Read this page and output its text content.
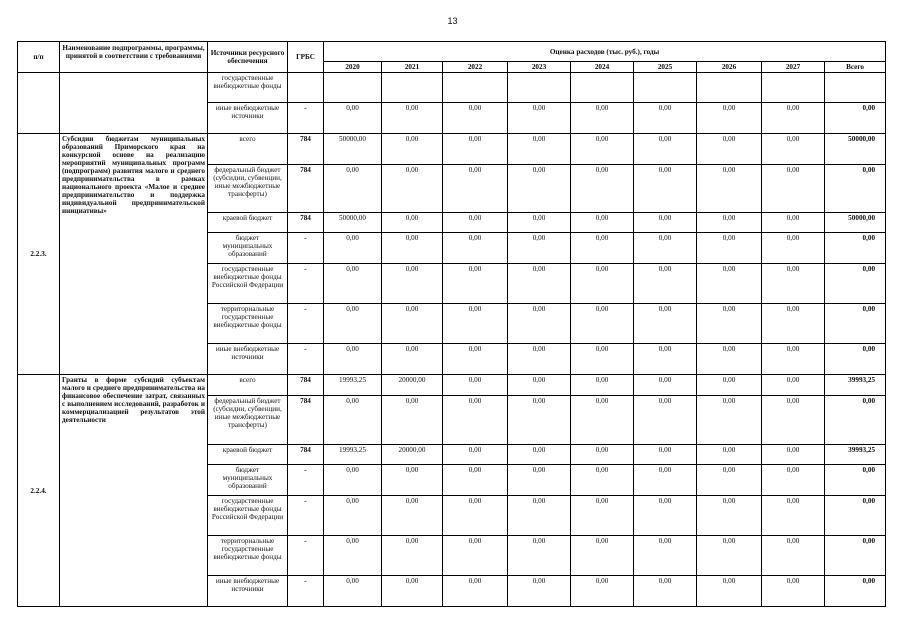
13
п/п	Наименование подпрограммы, программы, принятой в соответствии с требованиями	Источники ресурсного обеспечения	ГРБС	Оценка расходов (тыс. руб.), годы								
				2020	2021	2022	2023	2024	2025	2026	2027	Всего
		государственные внебюджетные фонды										
		иные внебюджетные источники	-	0,00	0,00	0,00	0,00	0,00	0,00	0,00	0,00	0,00
2.2.3.	Субсидии бюджетам муниципальных образований Приморского края на конкурсной основе на реализацию мероприятий муниципальных программ (подпрограмм) развития малого и среднего предпринимательства в рамках национального проекта «Малое и среднее предпринимательство и поддержка индивидуальной предпринимательской инициативы»	всего	784	50000,00	0,00	0,00	0,00	0,00	0,00	0,00	0,00	50000,00
		федеральный бюджет (субсидии, субвенции, иные межбюджетные трансферты)	784	0,00	0,00	0,00	0,00	0,00	0,00	0,00	0,00	0,00
		краевой бюджет	784	50000,00	0,00	0,00	0,00	0,00	0,00	0,00	0,00	50000,00
		бюджет муниципальных образований	-	0,00	0,00	0,00	0,00	0,00	0,00	0,00	0,00	0,00
		государственные внебюджетные фонды Российской Федерации	-	0,00	0,00	0,00	0,00	0,00	0,00	0,00	0,00	0,00
		территориальные государственные внебюджетные фонды	-	0,00	0,00	0,00	0,00	0,00	0,00	0,00	0,00	0,00
		иные внебюджетные источники	-	0,00	0,00	0,00	0,00	0,00	0,00	0,00	0,00	0,00
2.2.4.	Гранты в форме субсидий субъектам малого и среднего предпринимательства на финансовое обеспечение затрат, связанных с выполнением исследований, разработок и коммерциализацией результатов этой деятельности	всего	784	19993,25	20000,00	0,00	0,00	0,00	0,00	0,00	0,00	39993,25
		федеральный бюджет (субсидии, субвенции, иные межбюджетные трансферты)	784	0,00	0,00	0,00	0,00	0,00	0,00	0,00	0,00	0,00
		краевой бюджет	784	19993,25	20000,00	0,00	0,00	0,00	0,00	0,00	0,00	39993,25
		бюджет муниципальных образований	-	0,00	0,00	0,00	0,00	0,00	0,00	0,00	0,00	0,00
		государственные внебюджетные фонды Российской Федерации	-	0,00	0,00	0,00	0,00	0,00	0,00	0,00	0,00	0,00
		территориальные государственные внебюджетные фонды	-	0,00	0,00	0,00	0,00	0,00	0,00	0,00	0,00	0,00
		иные внебюджетные источники	-	0,00	0,00	0,00	0,00	0,00	0,00	0,00	0,00	0,00
